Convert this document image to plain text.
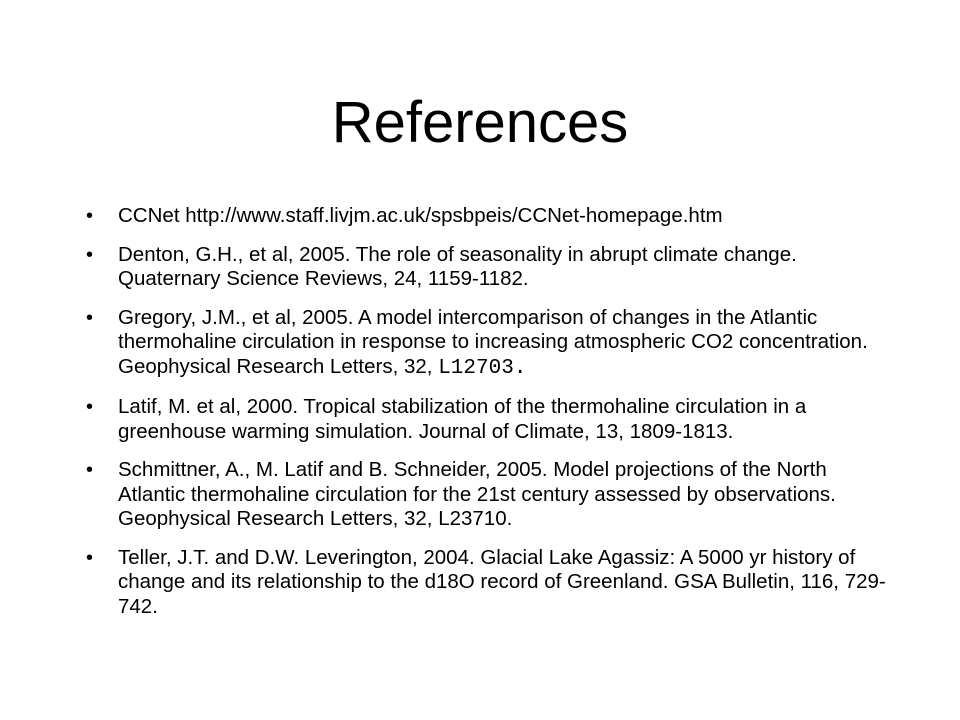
References
• CCNet http://www.staff.livjm.ac.uk/spsbpeis/CCNet-homepage.htm
• Denton, G.H., et al, 2005. The role of seasonality in abrupt climate change. Quaternary Science Reviews, 24, 1159-1182.
• Gregory, J.M., et al, 2005. A model intercomparison of changes in the Atlantic thermohaline circulation in response to increasing atmospheric CO2 concentration. Geophysical Research Letters, 32, L12703.
• Latif, M. et al, 2000. Tropical stabilization of the thermohaline circulation in a greenhouse warming simulation. Journal of Climate, 13, 1809-1813.
• Schmittner, A., M. Latif and B. Schneider, 2005. Model projections of the North Atlantic thermohaline circulation for the 21st century assessed by observations. Geophysical Research Letters, 32, L23710.
• Teller, J.T. and D.W. Leverington, 2004. Glacial Lake Agassiz: A 5000 yr history of change and its relationship to the d18O record of Greenland. GSA Bulletin, 116, 729-742.
